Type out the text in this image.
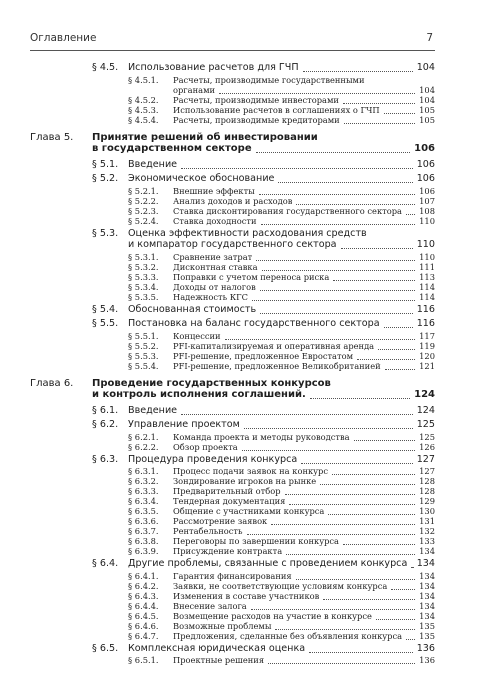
Оглавление	7
§ 4.5. Использование расчетов для ГЧП	104
§ 4.5.1. Расчеты, производимые государственными
органами	104
§ 4.5.2. Расчеты, производимые инвесторами	104
§ 4.5.3. Использование расчетов в соглашениях о ГЧП	105
§ 4.5.4. Расчеты, производимые кредиторами	105
Глава 5. Принятие решений об инвестировании
в государственном секторе	106
§ 5.1. Введение	106
§ 5.2. Экономическое обоснование	106
§ 5.2.1. Внешние эффекты	106
§ 5.2.2. Анализ доходов и расходов	107
§ 5.2.3. Ставка дисконтирования государственного сектора 108
§ 5.2.4. Ставка доходности	110
§ 5.3. Оценка эффективности расходования средств
и компаратор государственного сектора	110
§ 5.3.1. Сравнение затрат	110
§ 5.3.2. Дисконтная ставка	111
§ 5.3.3. Поправки с учетом переноса риска	113
§ 5.3.4. Доходы от налогов	114
§ 5.3.5. Надежность КГС	114
§ 5.4. Обоснованная стоимость	116
§ 5.5. Постановка на баланс государственного сектора	116
§ 5.5.1. Концессии	117
§ 5.5.2. PFI-капитализируемая и оперативная аренда	119
§ 5.5.3. PFI-решение, предложенное Евростатом	120
§ 5.5.4. PFI-решение, предложенное Великобританией	121
Глава 6. Проведение государственных конкурсов
и контроль исполнения соглашений.	124
§ 6.1. Введение	124
§ 6.2. Управление проектом	125
§ 6.2.1. Команда проекта и методы руководства	125
§ 6.2.2. Обзор проекта	126
§ 6.3. Процедура проведения конкурса	127
§ 6.3.1. Процесс подачи заявок на конкурс	127
§ 6.3.2. Зондирование игроков на рынке	128
§ 6.3.3. Предварительный отбор	128
§ 6.3.4. Тендерная документация	129
§ 6.3.5. Общение с участниками конкурса	130
§ 6.3.6. Рассмотрение заявок	131
§ 6.3.7. Рентабельность	132
§ 6.3.8. Переговоры по завершении конкурса	133
§ 6.3.9. Присуждение контракта	134
§ 6.4. Другие проблемы, связанные с проведением конкурса 134
§ 6.4.1. Гарантия финансирования	134
§ 6.4.2. Заявки, не соответствующие условиям конкурса	134
§ 6.4.3. Изменения в составе участников	134
§ 6.4.4. Внесение залога	134
§ 6.4.5. Возмещение расходов на участие в конкурсе	134
§ 6.4.6. Возможные проблемы	135
§ 6.4.7. Предложения, сделанные без объявления конкурса 135
§ 6.5. Комплексная юридическая оценка	136
§ 6.5.1. Проектные решения	136
